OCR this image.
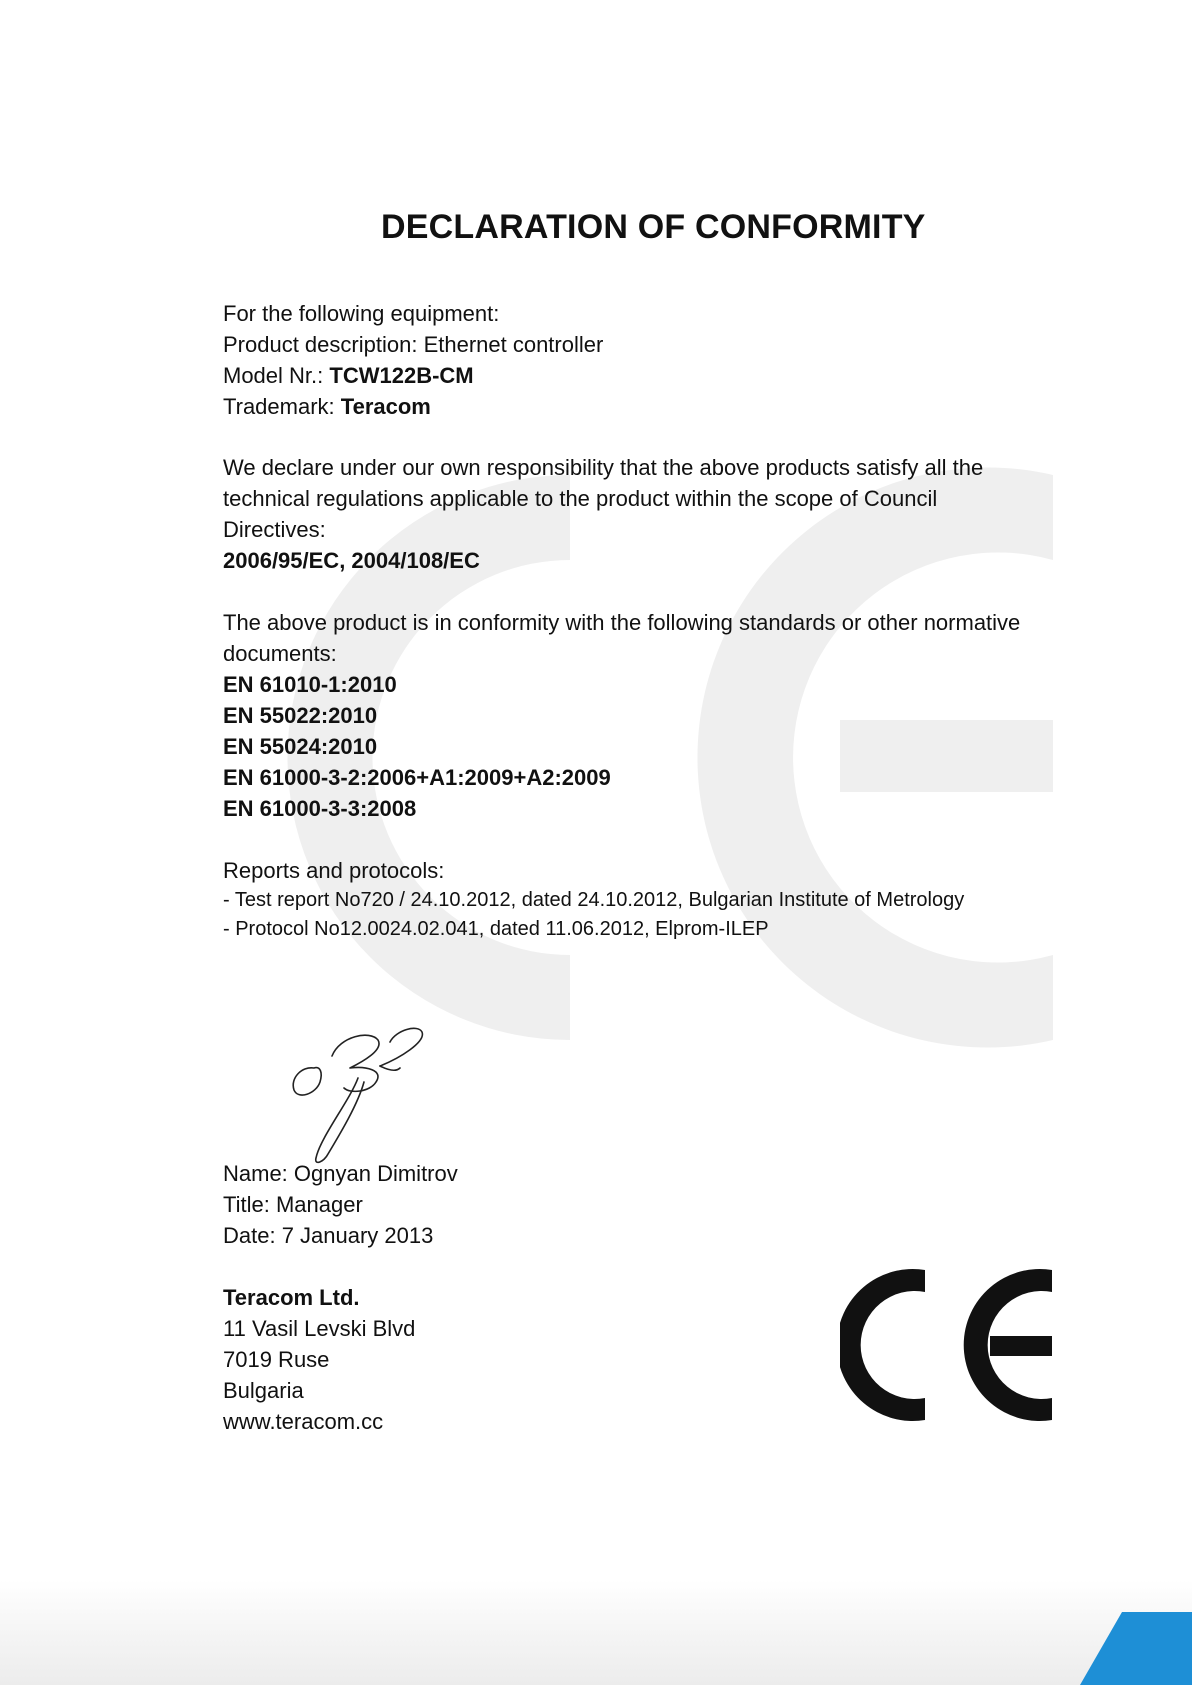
DECLARATION OF CONFORMITY
For the following equipment:
Product description: Ethernet controller
Model Nr.: TCW122B-CM
Trademark: Teracom
We declare under our own responsibility that the above products satisfy all the
technical regulations applicable to the product within the scope of Council
Directives:
2006/95/EC, 2004/108/EC
The above product is in conformity with the following standards or other normative
documents:
EN 61010-1:2010
EN 55022:2010
EN 55024:2010
EN 61000-3-2:2006+A1:2009+A2:2009
EN 61000-3-3:2008
Reports and protocols:
- Test report No720 / 24.10.2012, dated 24.10.2012, Bulgarian Institute of Metrology
- Protocol No12.0024.02.041, dated 11.06.2012, Elprom-ILEP
Name: Ognyan Dimitrov
Title: Manager
Date: 7 January 2013
Teracom Ltd.
11 Vasil Levski Blvd
7019 Ruse
Bulgaria
www.teracom.cc
